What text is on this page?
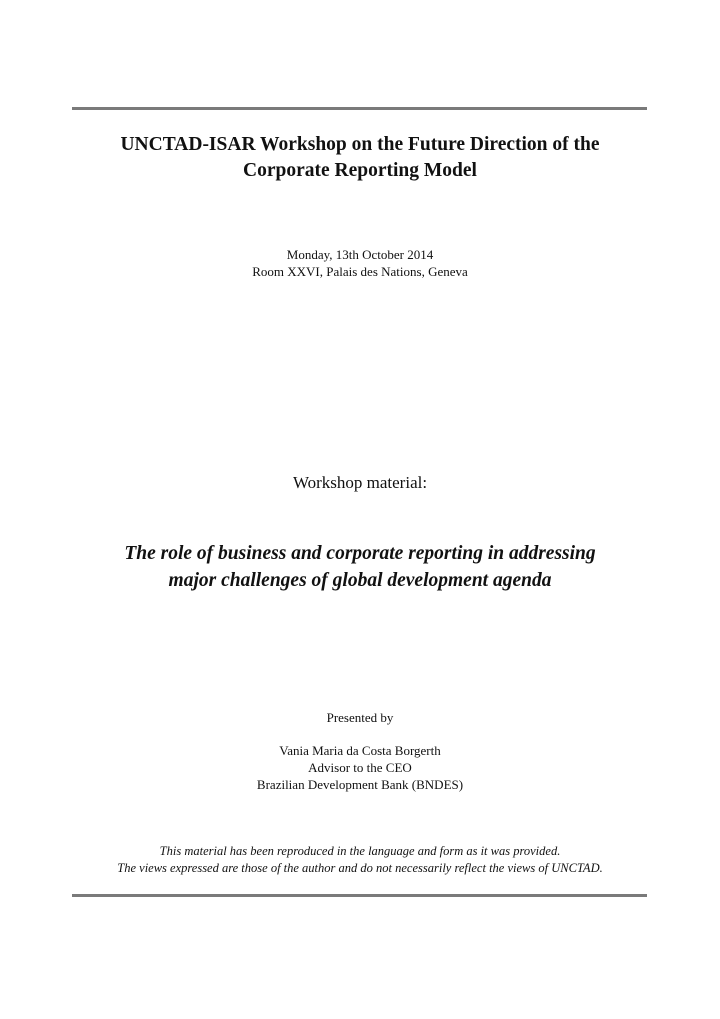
UNCTAD-ISAR Workshop on the Future Direction of the
Corporate Reporting Model
Monday, 13th October 2014
Room XXVI, Palais des Nations, Geneva
Workshop material:
The role of business and corporate reporting in addressing
major challenges of global development agenda
Presented by
Vania Maria da Costa Borgerth
Advisor to the CEO
Brazilian Development Bank (BNDES)
This material has been reproduced in the language and form as it was provided.
The views expressed are those of the author and do not necessarily reflect the views of UNCTAD.
